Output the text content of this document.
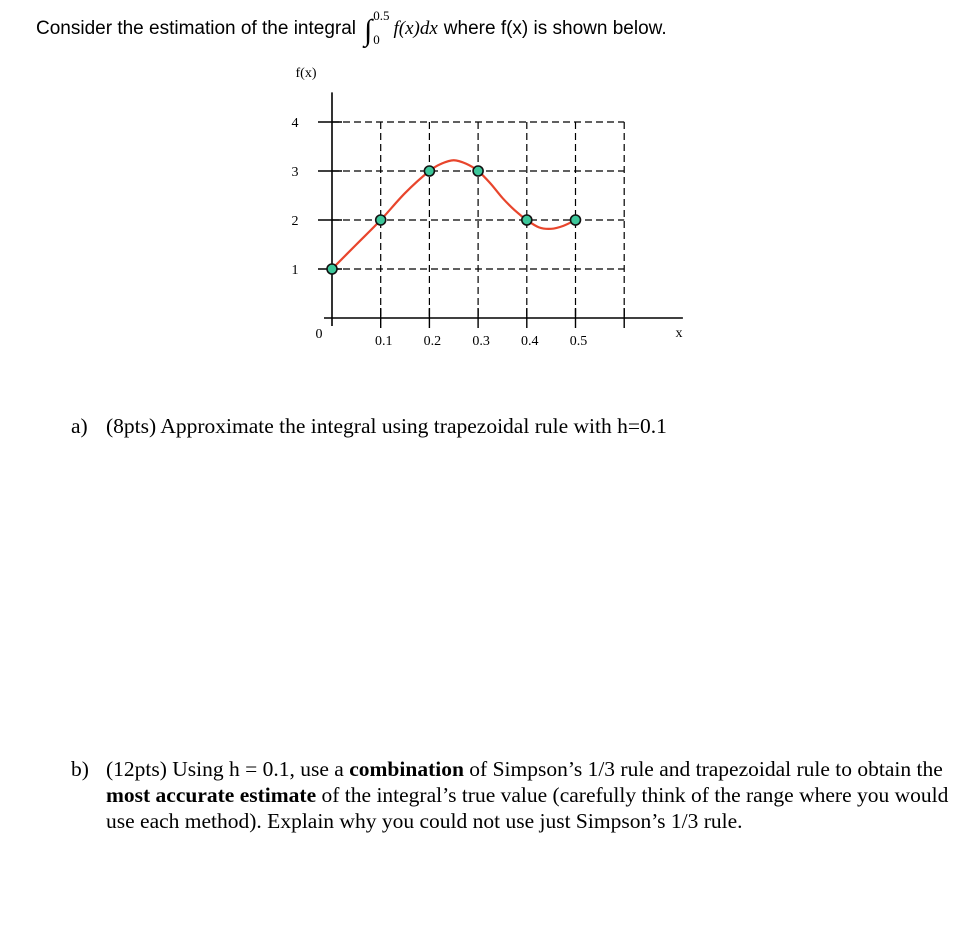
Consider the estimation of the integral ∫ 0.5
0
f(x)dx where f(x) is shown below.
1
2
3
4
0	0.1 0.2 0.3 0.4 0.5
f(x)
x
a) (8pts) Approximate the integral using trapezoidal rule with h=0.1
b) (12pts) Using h = 0.1, use a combination of Simpson’s 1/3 rule and trapezoidal rule to obtain the most accurate estimate of the integral’s true value (carefully think of the range where you would use each method). Explain why you could not use just Simpson’s 1/3 rule.
